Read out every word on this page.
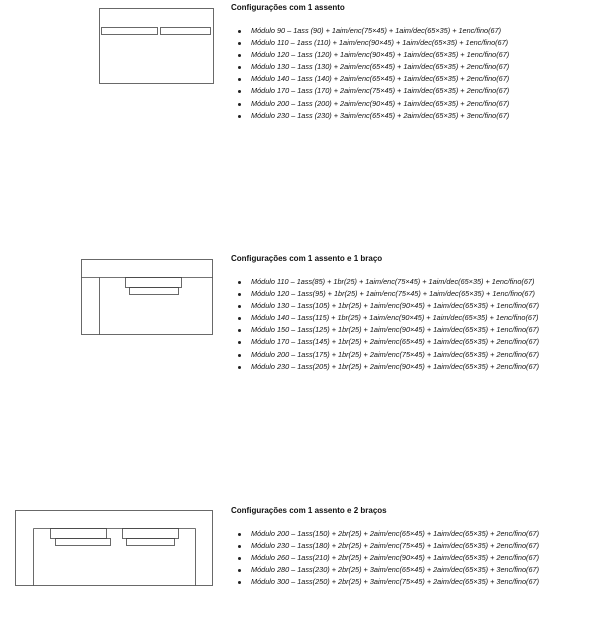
Configurações com 1 assento
Módulo 90 – 1ass (90) + 1aim/enc(75×45) + 1aim/dec(65×35) + 1enc/fino(67)
Módulo 110 – 1ass (110) + 1aim/enc(90×45) + 1aim/dec(65×35) + 1enc/fino(67)
Módulo 120 – 1ass (120) + 1aim/enc(90×45) + 1aim/dec(65×35) + 1enc/fino(67)
Módulo 130 – 1ass (130) + 2aim/enc(65×45) + 1aim/dec(65×35) + 2enc/fino(67)
Módulo 140 – 1ass (140) + 2aim/enc(65×45) + 1aim/dec(65×35) + 2enc/fino(67)
Módulo 170 – 1ass (170) + 2aim/enc(75×45) + 1aim/dec(65×35) + 2enc/fino(67)
Módulo 200 – 1ass (200) + 2aim/enc(90×45) + 1aim/dec(65×35) + 2enc/fino(67)
Módulo 230 – 1ass (230) + 3aim/enc(65×45) + 2aim/dec(65×35) + 3enc/fino(67)
Configurações com 1 assento e 1 braço
Módulo 110 – 1ass(85) + 1br(25) + 1aim/enc(75×45) + 1aim/dec(65×35) + 1enc/fino(67)
Módulo 120 – 1ass(95) + 1br(25) + 1aim/enc(75×45) + 1aim/dec(65×35) + 1enc/fino(67)
Módulo 130 – 1ass(105) + 1br(25) + 1aim/enc(90×45) + 1aim/dec(65×35) + 1enc/fino(67)
Módulo 140 – 1ass(115) + 1br(25) + 1aim/enc(90×45) + 1aim/dec(65×35) + 1enc/fino(67)
Módulo 150 – 1ass(125) + 1br(25) + 1aim/enc(90×45) + 1aim/dec(65×35) + 1enc/fino(67)
Módulo 170 – 1ass(145) + 1br(25) + 2aim/enc(65×45) + 1aim/dec(65×35) + 2enc/fino(67)
Módulo 200 – 1ass(175) + 1br(25) + 2aim/enc(75×45) + 1aim/dec(65×35) + 2enc/fino(67)
Módulo 230 – 1ass(205) + 1br(25) + 2aim/enc(90×45) + 1aim/dec(65×35) + 2enc/fino(67)
Configurações com 1 assento e 2 braços
Módulo 200 – 1ass(150) + 2br(25) + 2aim/enc(65×45) + 1aim/dec(65×35) + 2enc/fino(67)
Módulo 230 – 1ass(180) + 2br(25) + 2aim/enc(75×45) + 1aim/dec(65×35) + 2enc/fino(67)
Módulo 260 – 1ass(210) + 2br(25) + 2aim/enc(90×45) + 1aim/dec(65×35) + 2enc/fino(67)
Módulo 280 – 1ass(230) + 2br(25) + 3aim/enc(65×45) + 2aim/dec(65×35) + 3enc/fino(67)
Módulo 300 – 1ass(250) + 2br(25) + 3aim/enc(75×45) + 2aim/dec(65×35) + 3enc/fino(67)
